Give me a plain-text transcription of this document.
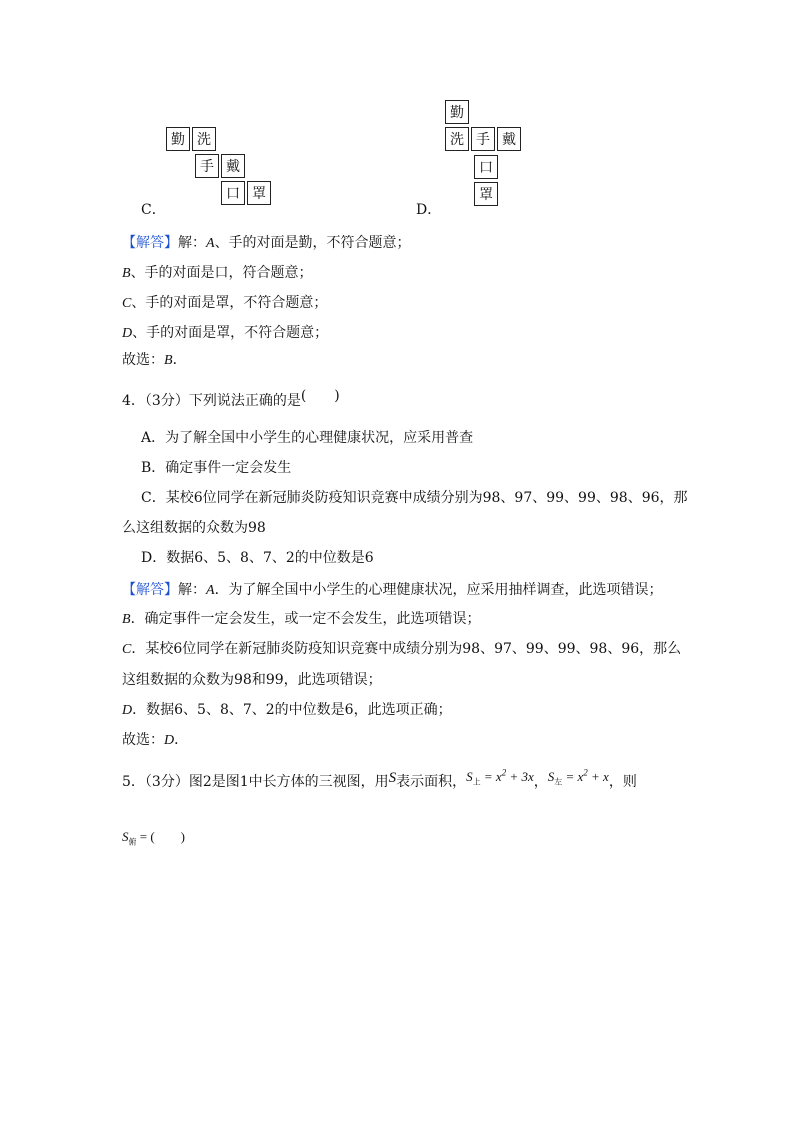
勤 洗
手 戴
口 罩
C．
勤
洗 手 戴
口
罩
D．
【解答】解：A、手的对面是勤，不符合题意；
B、手的对面是口，符合题意；
C、手的对面是罩，不符合题意；
D、手的对面是罩，不符合题意；
故选：B．
4．（3分）下列说法正确的是(　　)
A．为了解全国中小学生的心理健康状况，应采用普查
B．确定事件一定会发生
C．某校6位同学在新冠肺炎防疫知识竞赛中成绩分别为98、97、99、99、98、96，那
么这组数据的众数为98
D．数据6、5、8、7、2的中位数是6
【解答】解：A．为了解全国中小学生的心理健康状况，应采用抽样调查，此选项错误；
B．确定事件一定会发生，或一定不会发生，此选项错误；
C．某校6位同学在新冠肺炎防疫知识竞赛中成绩分别为98、97、99、99、98、96，那么
这组数据的众数为98和99，此选项错误；
D．数据6、5、8、7、2的中位数是6，此选项正确；
故选：D．
5．（3分）图2是图1中长方体的三视图，用S表示面积，$S_上 = x^2 + 3x$，$S_左 = x^2 + x$，则
$S_俯$ = (　　)
